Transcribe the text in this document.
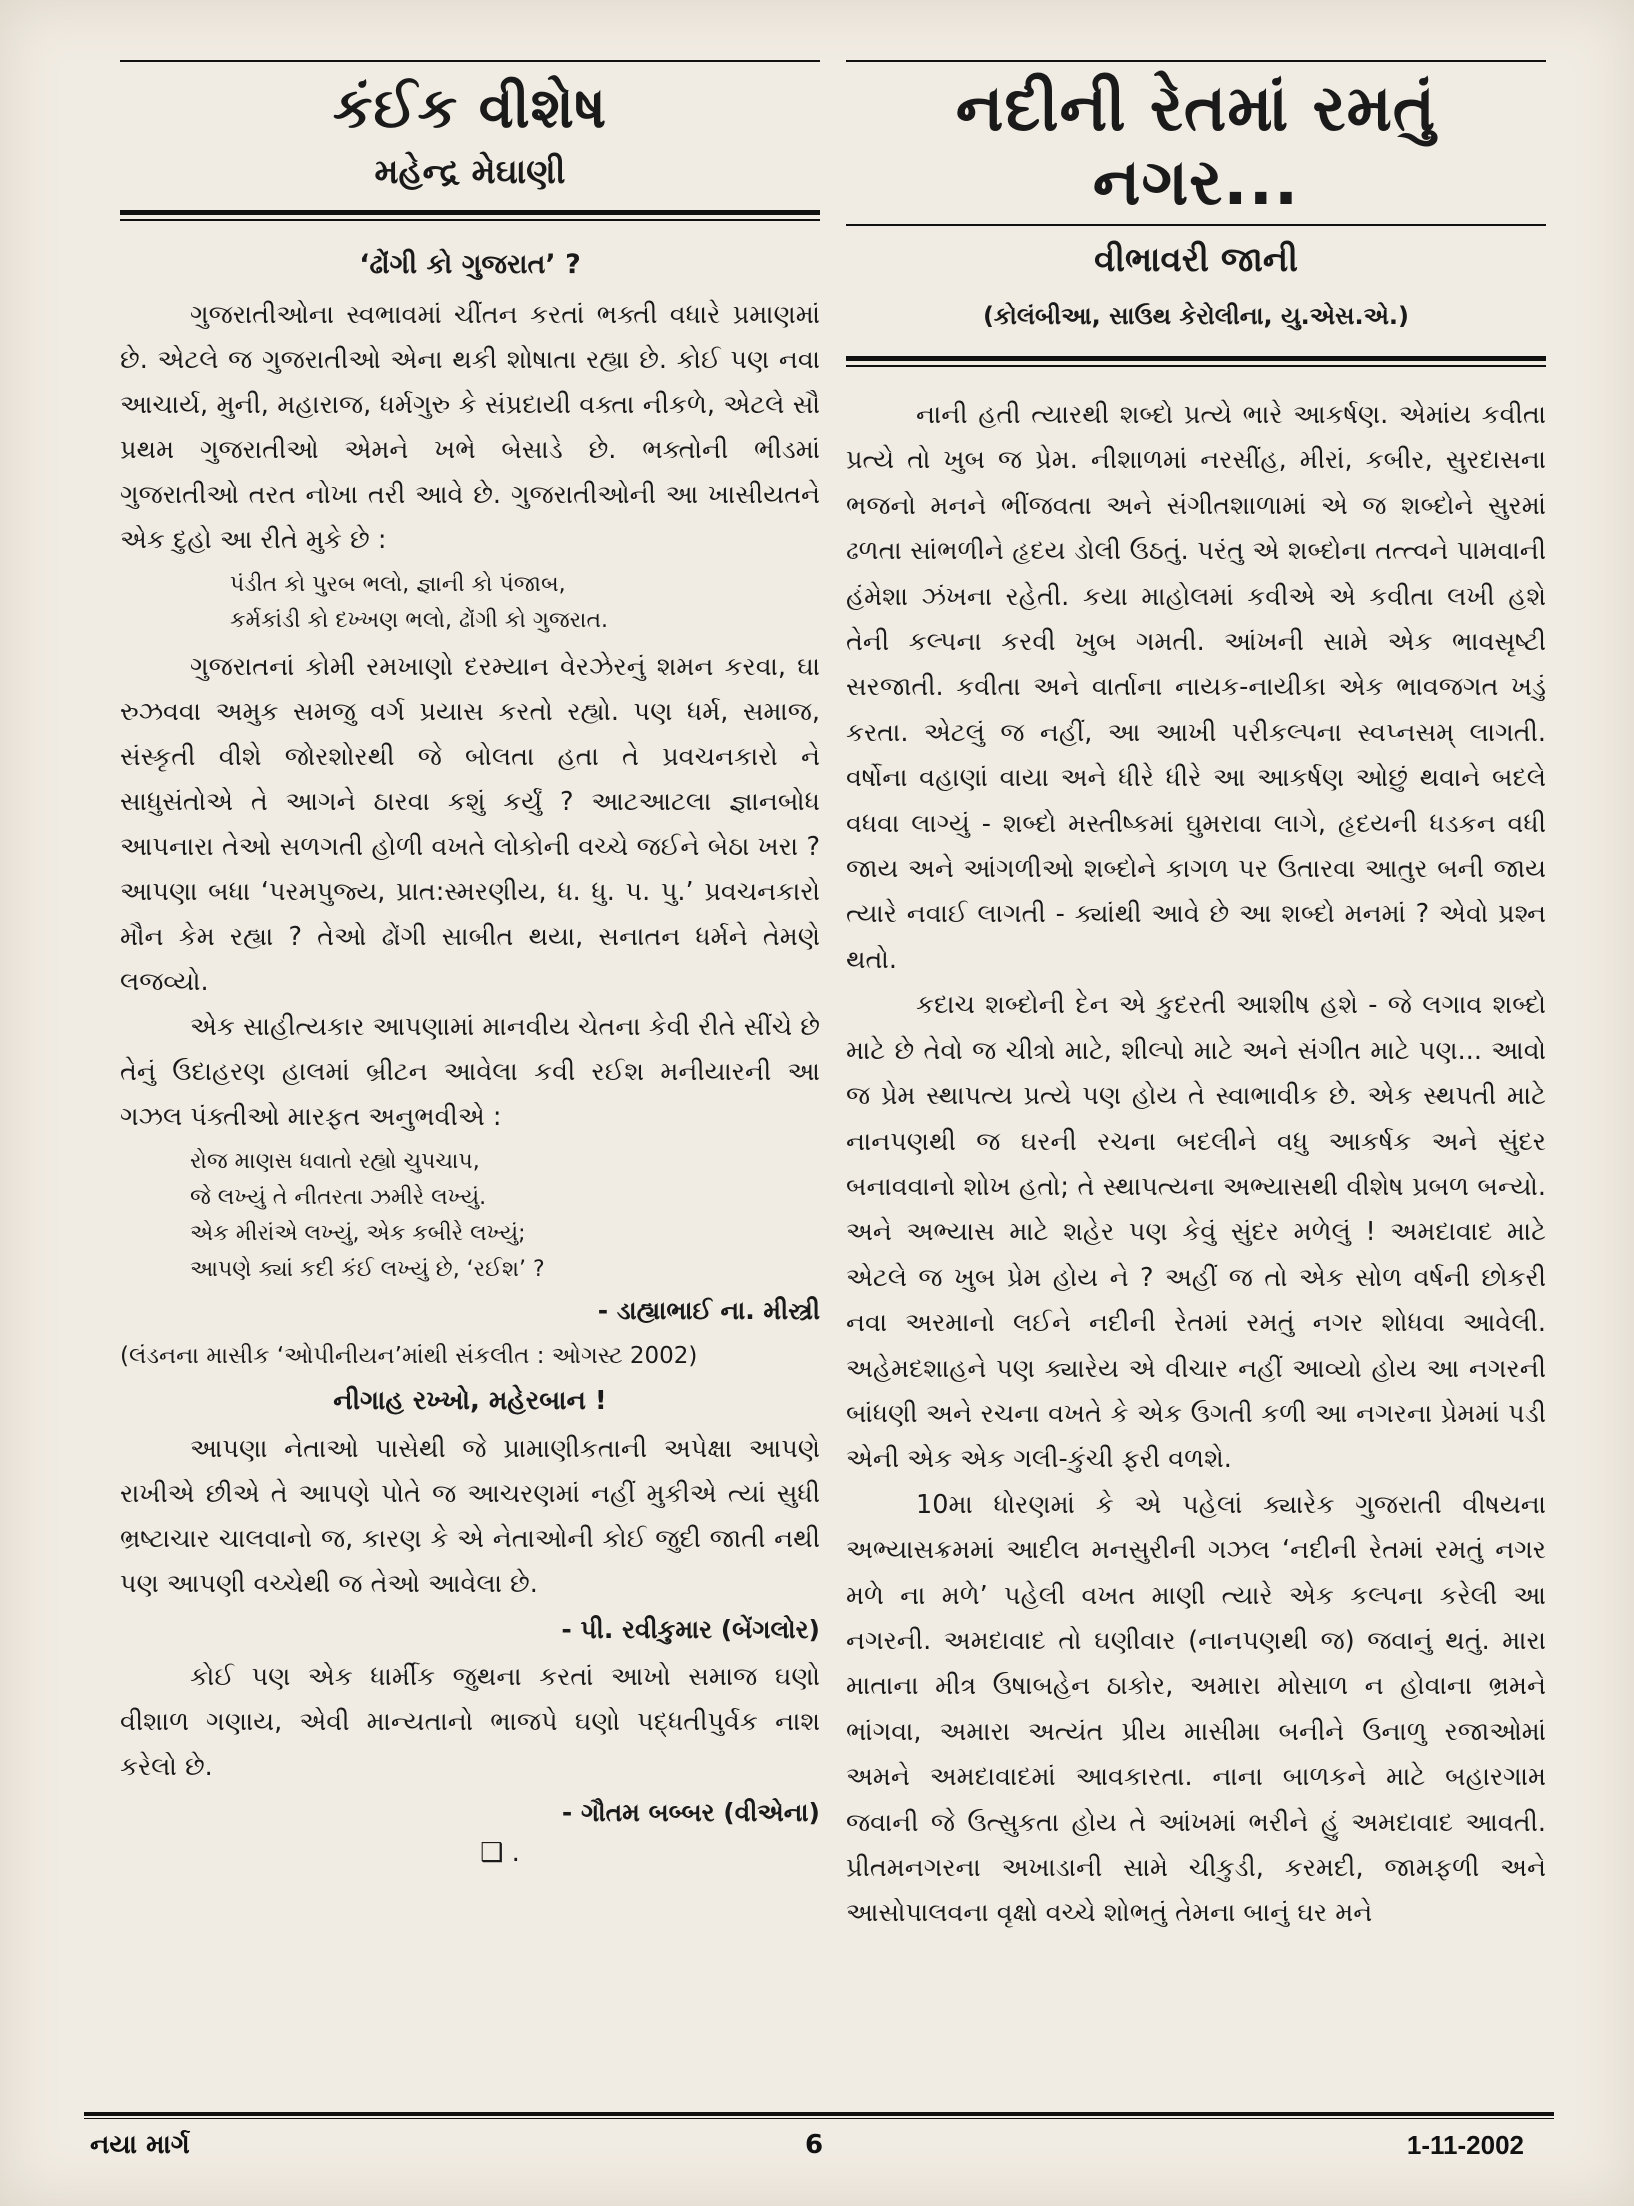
કંઈક વીશેષ
મહેન્દ્ર મેઘાણી
‘ઢોંગી કો ગુજરાત’ ?

ગુજરાતીઓના સ્વભાવમાં ચીંતન કરતાં ભક્તી વધારે પ્રમાણમાં છે. એટલે જ ગુજરાતીઓ એના થકી શોષાતા રહ્યા છે. કોઈ પણ નવા આચાર્ય, મુની, મહારાજ, ધર્મગુરુ કે સંપ્રદાયી વક્તા નીકળે, એટલે સૌ પ્રથમ ગુજરાતીઓ એમને ખભે બેસાડે છે. ભક્તોની ભીડમાં ગુજરાતીઓ તરત નોખા તરી આવે છે. ગુજરાતીઓની આ ખાસીયતને એક દુહો આ રીતે મુકે છે :

પંડીત કો પુરબ ભલો, જ્ઞાની કો પંજાબ,
કર્મકાંડી કો દખ્ખણ ભલો, ઢોંગી કો ગુજરાત.

ગુજરાતનાં કોમી રમખાણો દરમ્યાન વેરઝેરનું શમન કરવા, ઘા રુઝવવા અમુક સમજુ વર્ગ પ્રયાસ કરતો રહ્યો. પણ ધર્મ, સમાજ, સંસ્કૃતી વીશે જોરશોરથી જે બોલતા હતા તે પ્રવચનકારો ને સાધુસંતોએ તે આગને ઠારવા કશું કર્યું ? આટઆટલા જ્ઞાનબોધ આપનારા તેઓ સળગતી હોળી વખતે લોકોની વચ્ચે જઈને બેઠા ખરા ? આપણા બધા ‘પરમપુજ્ય, પ્રાત:સ્મરણીય, ધ. ધુ. પ. પુ.’ પ્રવચનકારો મૌન કેમ રહ્યા ? તેઓ ઢોંગી સાબીત થયા, સનાતન ધર્મને તેમણે લજવ્યો.

એક સાહીત્યકાર આપણામાં માનવીય ચેતના કેવી રીતે સીંચે છે તેનું ઉદાહરણ હાલમાં બ્રીટન આવેલા કવી રઈશ મનીયારની આ ગઝલ પંક્તીઓ મારફત અનુભવીએ :

રોજ માણસ ધવાતો રહ્યો ચુપચાપ,
જે લખ્યું તે નીતરતા ઝમીરે લખ્યું.
એક મીરાંએ લખ્યું, એક કબીરે લખ્યું;
આપણે ક્યાં કદી કંઈ લખ્યું છે, ‘રઈશ’ ?
- ડાહ્યાભાઈ ના. મીસ્ત્રી
(લંડનના માસીક ‘ઓપીનીયન’માંથી સંકલીત : ઓગસ્ટ 2002)
નીગાહ રખ્ખો, મહેરબાન !

આપણા નેતાઓ પાસેથી જે પ્રામાણીકતાની અપેક્ષા આપણે રાખીએ છીએ તે આપણે પોતે જ આચરણમાં નહીં મુકીએ ત્યાં સુધી ભ્રષ્ટાચાર ચાલવાનો જ, કારણ કે એ નેતાઓની કોઈ જુદી જાતી નથી પણ આપણી વચ્ચેથી જ તેઓ આવેલા છે.

- પી. રવીકુમાર (બેંગલોર)

કોઈ પણ એક ધાર્મીક જુથના કરતાં આખો સમાજ ઘણો વીશાળ ગણાય, એવી માન્યતાનો ભાજપે ઘણો પદ્ધતીપુર્વક નાશ કરેલો છે.

- ગૌતમ બબ્બર (વીએના)
❑ .
નદીની રેતમાં રમતું નગર...
વીભાવરી જાની
(કોલંબીઆ, સાઉથ કેરોલીના, યુ.એસ.એ.)

નાની હતી ત્યારથી શબ્દો પ્રત્યે ભારે આકર્ષણ. એમાંય કવીતા પ્રત્યે તો ખુબ જ પ્રેમ. નીશાળમાં નરસીંહ, મીરાં, કબીર, સુરદાસના ભજનો મનને ભીંજવતા અને સંગીતશાળામાં એ જ શબ્દોને સુરમાં ઢળતા સાંભળીને હૃદય ડોલી ઉઠતું. પરંતુ એ શબ્દોના તત્ત્વને પામવાની હંમેશા ઝંખના રહેતી. કયા માહોલમાં કવીએ એ કવીતા લખી હશે તેની કલ્પના કરવી ખુબ ગમતી. આંખની સામે એક ભાવસૃષ્ટી સરજાતી. કવીતા અને વાર્તાના નાયક-નાયીકા એક ભાવજગત ખડું કરતા. એટલું જ નહીં, આ આખી પરીકલ્પના સ્વપ્નસમ્ લાગતી. વર્ષોના વહાણાં વાયા અને ધીરે ધીરે આ આકર્ષણ ઓછું થવાને બદલે વધવા લાગ્યું - શબ્દો મસ્તીષ્કમાં ઘુમરાવા લાગે, હૃદયની ધડકન વધી જાય અને આંગળીઓ શબ્દોને કાગળ પર ઉતારવા આતુર બની જાય ત્યારે નવાઈ લાગતી - ક્યાંથી આવે છે આ શબ્દો મનમાં ? એવો પ્રશ્ન થતો.

કદાચ શબ્દોની દેન એ કુદરતી આશીષ હશે - જે લગાવ શબ્દો માટે છે તેવો જ ચીત્રો માટે, શીલ્પો માટે અને સંગીત માટે પણ... આવો જ પ્રેમ સ્થાપત્ય પ્રત્યે પણ હોય તે સ્વાભાવીક છે. એક સ્થપતી માટે નાનપણથી જ ઘરની રચના બદલીને વધુ આકર્ષક અને સુંદર બનાવવાનો શોખ હતો; તે સ્થાપત્યના અભ્યાસથી વીશેષ પ્રબળ બન્યો. અને અભ્યાસ માટે શહેર પણ કેવું સુંદર મળેલું ! અમદાવાદ માટે એટલે જ ખુબ પ્રેમ હોય ને ? અહીં જ તો એક સોળ વર્ષની છોકરી નવા અરમાનો લઈને નદીની રેતમાં રમતું નગર શોધવા આવેલી. અહેમદશાહને પણ ક્યારેય એ વીચાર નહીં આવ્યો હોય આ નગરની બાંધણી અને રચના વખતે કે એક ઉગતી કળી આ નગરના પ્રેમમાં પડી એની એક એક ગલી-કુંચી ફરી વળશે.

10મા ધોરણમાં કે એ પહેલાં ક્યારેક ગુજરાતી વીષયના અભ્યાસક્રમમાં આદીલ મનસુરીની ગઝલ ‘નદીની રેતમાં રમતું નગર મળે ના મળે’ પહેલી વખત માણી ત્યારે એક કલ્પના કરેલી આ નગરની. અમદાવાદ તો ઘણીવાર (નાનપણથી જ) જવાનું થતું. મારા માતાના મીત્ર ઉષાબહેન ઠાકોર, અમારા મોસાળ ન હોવાના ભ્રમને ભાંગવા, અમારા અત્યંત પ્રીય માસીમા બનીને ઉનાળુ રજાઓમાં અમને અમદાવાદમાં આવકારતા. નાના બાળકને માટે બહારગામ જવાની જે ઉત્સુકતા હોય તે આંખમાં ભરીને હું અમદાવાદ આવતી. પ્રીતમનગરના અખાડાની સામે ચીકુડી, કરમદી, જામફળી અને આસોપાલવના વૃક્ષો વચ્ચે શોભતું તેમના બાનું ઘર મને

નયા માર્ગ	6	1-11-2002
